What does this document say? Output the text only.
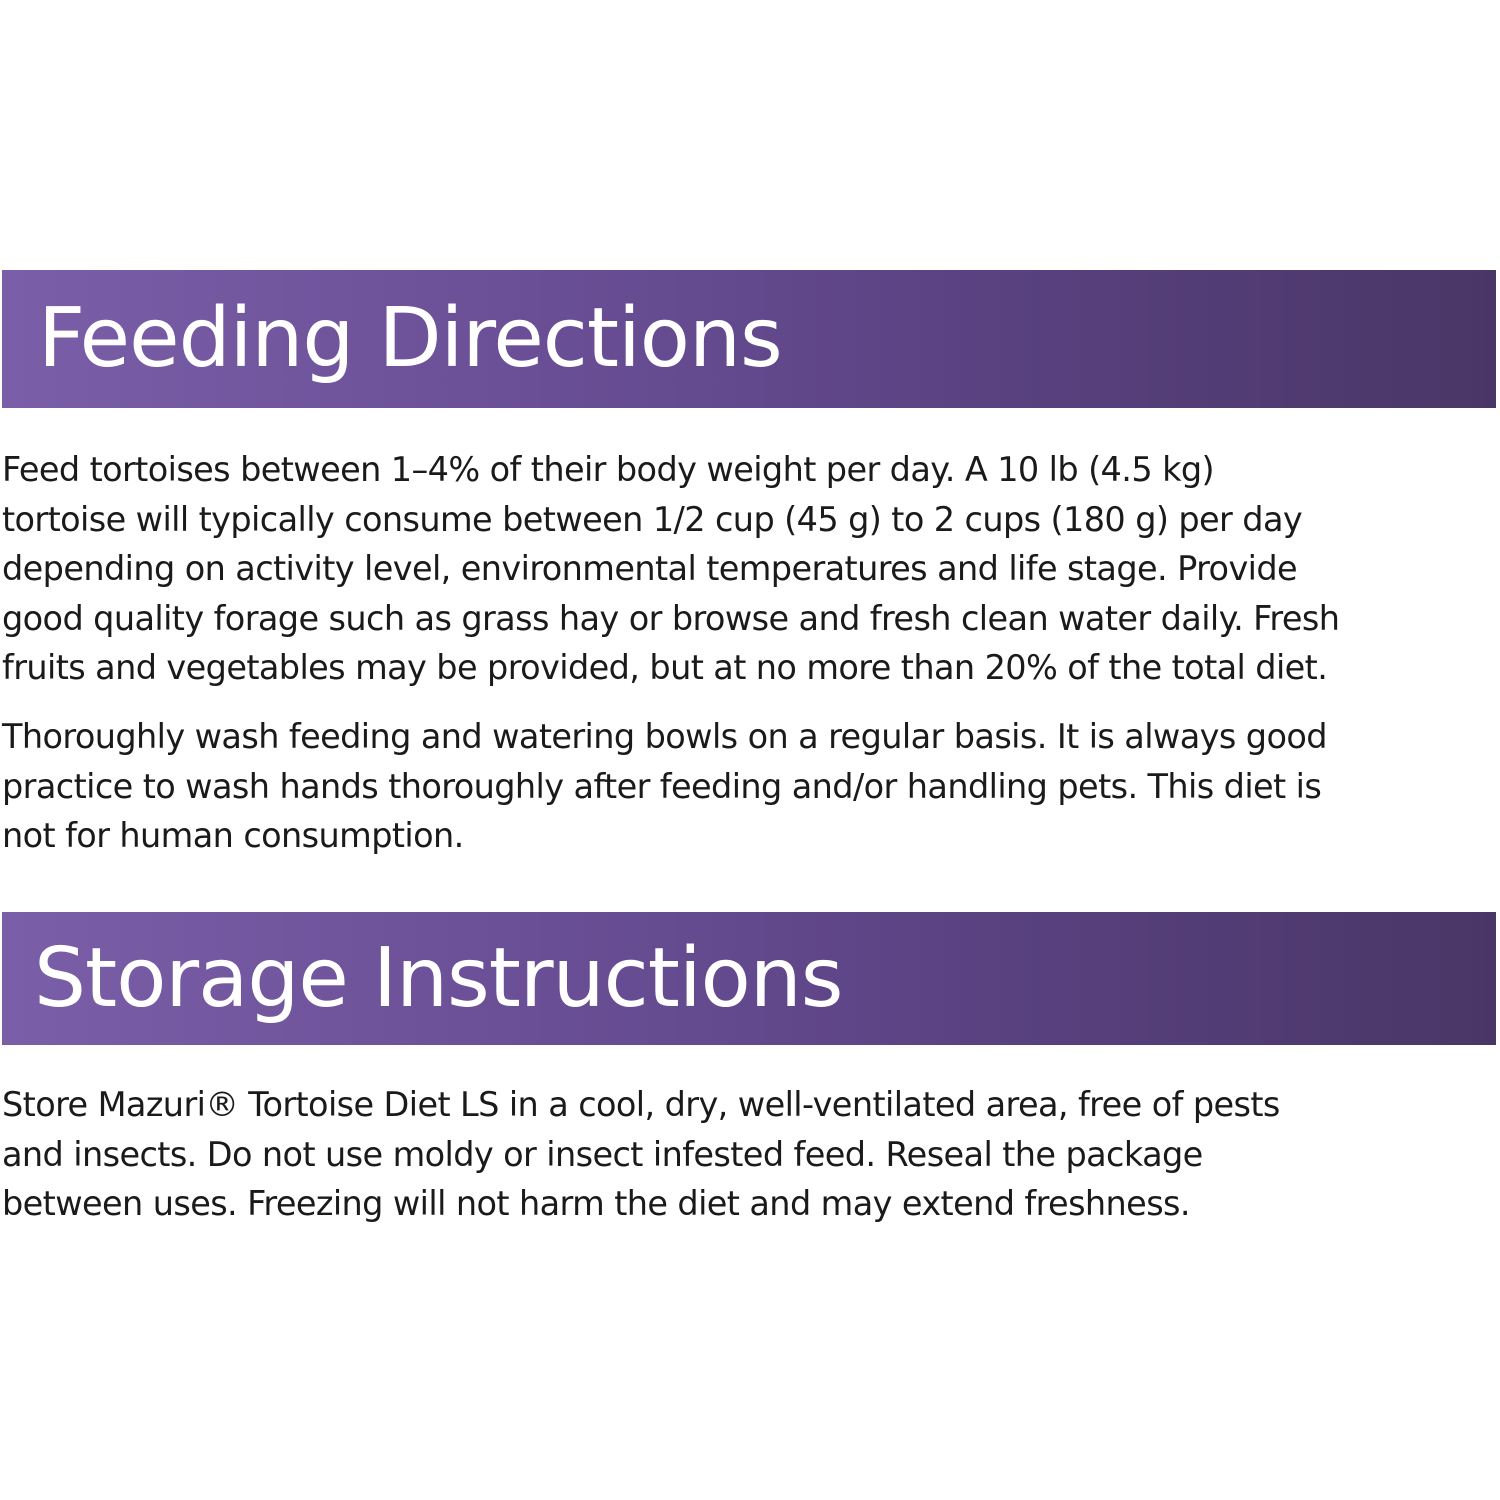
Feeding Directions

Feed tortoises between 1–4% of their body weight per day. A 10 lb (4.5 kg)
tortoise will typically consume between 1/2 cup (45 g) to 2 cups (180 g) per day
depending on activity level, environmental temperatures and life stage. Provide
good quality forage such as grass hay or browse and fresh clean water daily. Fresh
fruits and vegetables may be provided, but at no more than 20% of the total diet.

Thoroughly wash feeding and watering bowls on a regular basis. It is always good
practice to wash hands thoroughly after feeding and/or handling pets. This diet is
not for human consumption.

Storage Instructions

Store Mazuri® Tortoise Diet LS in a cool, dry, well-ventilated area, free of pests
and insects. Do not use moldy or insect infested feed. Reseal the package
between uses. Freezing will not harm the diet and may extend freshness.
